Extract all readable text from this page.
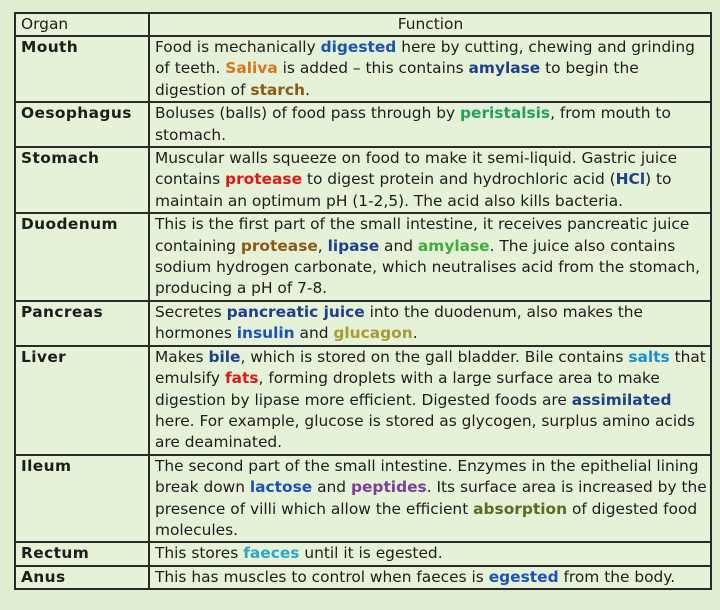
Organ	Function
Mouth	Food is mechanically digested here by cutting, chewing and grinding of teeth. Saliva is added – this contains amylase to begin the digestion of starch.
Oesophagus	Boluses (balls) of food pass through by peristalsis, from mouth to stomach.
Stomach	Muscular walls squeeze on food to make it semi-liquid. Gastric juice contains protease to digest protein and hydrochloric acid (HCl) to maintain an optimum pH (1-2,5). The acid also kills bacteria.
Duodenum	This is the first part of the small intestine, it receives pancreatic juice containing protease, lipase and amylase. The juice also contains sodium hydrogen carbonate, which neutralises acid from the stomach, producing a pH of 7-8.
Pancreas	Secretes pancreatic juice into the duodenum, also makes the hormones insulin and glucagon.
Liver	Makes bile, which is stored on the gall bladder. Bile contains salts that emulsify fats, forming droplets with a large surface area to make digestion by lipase more efficient. Digested foods are assimilated here. For example, glucose is stored as glycogen, surplus amino acids are deaminated.
Ileum	The second part of the small intestine. Enzymes in the epithelial lining break down lactose and peptides. Its surface area is increased by the presence of villi which allow the efficient absorption of digested food molecules.
Rectum	This stores faeces until it is egested.
Anus	This has muscles to control when faeces is egested from the body.
